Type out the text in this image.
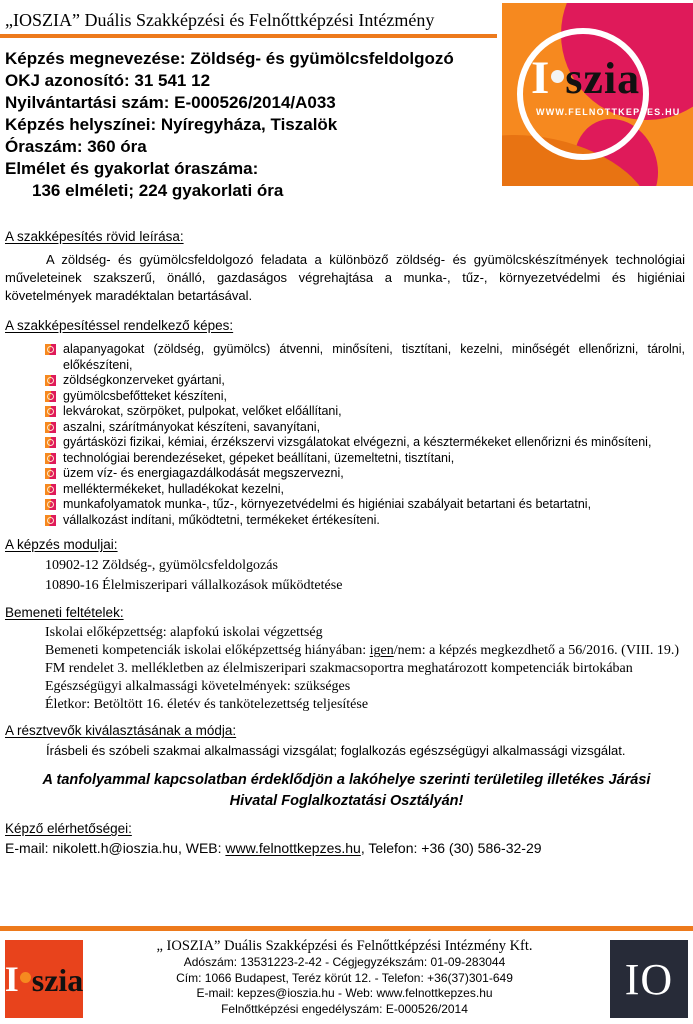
„IOSZIA” Duális Szakképzési és Felnőttképzési Intézmény
I szia
WWW.FELNOTTKEPZES.HU
Képzés megnevezése: Zöldség- és gyümölcsfeldolgozó
OKJ azonosító: 31 541 12
Nyilvántartási szám: E-000526/2014/A033
Képzés helyszínei: Nyíregyháza, Tiszalök
Óraszám: 360 óra
Elmélet és gyakorlat óraszáma:
136 elméleti; 224 gyakorlati óra
A szakképesítés rövid leírása:

A zöldség- és gyümölcsfeldolgozó feladata a különböző zöldség- és gyümölcskészítmények technológiai műveleteinek szakszerű, önálló, gazdaságos végrehajtása a munka-, tűz-, környezetvédelmi és higiéniai követelmények maradéktalan betartásával.

A szakképesítéssel rendelkező képes:
alapanyagokat (zöldség, gyümölcs) átvenni, minősíteni, tisztítani, kezelni, minőségét ellenőrizni, tárolni, előkészíteni,
zöldségkonzerveket gyártani,
gyümölcsbefőtteket készíteni,
lekvárokat, szörpöket, pulpokat, velőket előállítani,
aszalni, szárítmányokat készíteni, savanyítani,
gyártásközi fizikai, kémiai, érzékszervi vizsgálatokat elvégezni, a késztermékeket ellenőrizni és minősíteni,
technológiai berendezéseket, gépeket beállítani, üzemeltetni, tisztítani,
üzem víz- és energiagazdálkodását megszervezni,
melléktermékeket, hulladékokat kezelni,
munkafolyamatok munka-, tűz-, környezetvédelmi és higiéniai szabályait betartani és betartatni,
vállalkozást indítani, működtetni, termékeket értékesíteni.
A képzés moduljai:
10902-12 Zöldség-, gyümölcsfeldolgozás
10890-16 Élelmiszeripari vállalkozások működtetése
Bemeneti feltételek:
Iskolai előképzettség: alapfokú iskolai végzettség
Bemeneti kompetenciák iskolai előképzettség hiányában: igen/nem: a képzés megkezdhető a 56/2016. (VIII. 19.) FM rendelet 3. mellékletben az élelmiszeripari szakmacsoportra meghatározott kompetenciák birtokában
Egészségügyi alkalmassági követelmények: szükséges
Életkor: Betöltött 16. életév és tankötelezettség teljesítése
A résztvevők kiválasztásának a módja:

Írásbeli és szóbeli szakmai alkalmassági vizsgálat; foglalkozás egészségügyi alkalmassági vizsgálat.

A tanfolyammal kapcsolatban érdeklődjön a lakóhelye szerinti területileg illetékes Járási Hivatal Foglalkoztatási Osztályán!

Képző elérhetőségei:
E-mail: nikolett.h@ioszia.hu, WEB: www.felnottkepzes.hu, Telefon: +36 (30) 586-32-29
I szia
„ IOSZIA” Duális Szakképzési és Felnőttképzési Intézmény Kft.
Adószám: 13531223-2-42 - Cégjegyzékszám: 01-09-283044
Cím: 1066 Budapest, Teréz körút 12. - Telefon: +36(37)301-649
E-mail: kepzes@ioszia.hu - Web: www.felnottkepzes.hu
Felnőttképzési engedélyszám: E-000526/2014
IO
